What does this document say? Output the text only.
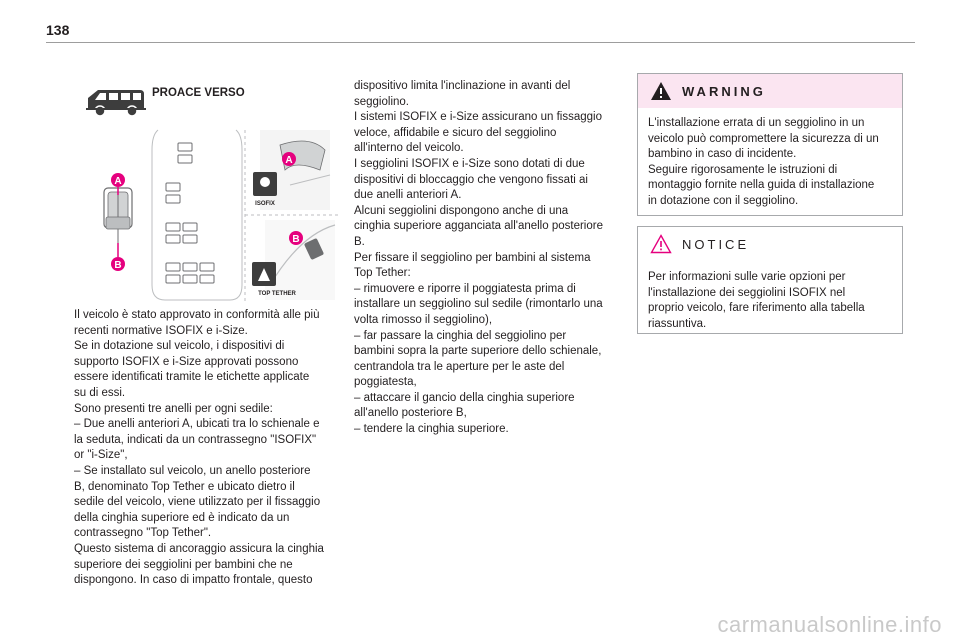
138
PROACE VERSO
A
B
ISOFIX
A
TOP TETHER
B

Il veicolo è stato approvato in conformità alle più

recenti normative ISOFIX e i-Size.

Se in dotazione sul veicolo, i dispositivi di

supporto ISOFIX e i-Size approvati possono

essere identificati tramite le etichette applicate

su di essi.

Sono presenti tre anelli per ogni sedile:

– Due anelli anteriori A, ubicati tra lo schienale e

la seduta, indicati da un contrassegno "ISOFIX"

or "i-Size",

– Se installato sul veicolo, un anello posteriore

B, denominato Top Tether e ubicato dietro il

sedile del veicolo, viene utilizzato per il fissaggio

della cinghia superiore ed è indicato da un

contrassegno "Top Tether".

Questo sistema di ancoraggio assicura la cinghia

superiore dei seggiolini per bambini che ne

dispongono. In caso di impatto frontale, questo

dispositivo limita l'inclinazione in avanti del

seggiolino.

I sistemi ISOFIX e i-Size assicurano un fissaggio

veloce, affidabile e sicuro del seggiolino

all'interno del veicolo.

I seggiolini ISOFIX e i-Size sono dotati di due

dispositivi di bloccaggio che vengono fissati ai

due anelli anteriori A.

Alcuni seggiolini dispongono anche di una

cinghia superiore agganciata all'anello posteriore

B.

Per fissare il seggiolino per bambini al sistema

Top Tether:

– rimuovere e riporre il poggiatesta prima di

installare un seggiolino sul sedile (rimontarlo una

volta rimosso il seggiolino),

– far passare la cinghia del seggiolino per

bambini sopra la parte superiore dello schienale,

centrandola tra le aperture per le aste del

poggiatesta,

– attaccare il gancio della cinghia superiore

all'anello posteriore B,

– tendere la cinghia superiore.

WARNING
L'installazione errata di un seggiolino in un
veicolo può compromettere la sicurezza di un
bambino in caso di incidente.
Seguire rigorosamente le istruzioni di
montaggio fornite nella guida di installazione
in dotazione con il seggiolino.
NOTICE
Per informazioni sulle varie opzioni per
l'installazione dei seggiolini ISOFIX nel
proprio veicolo, fare riferimento alla tabella
riassuntiva.
carmanualsonline.info
